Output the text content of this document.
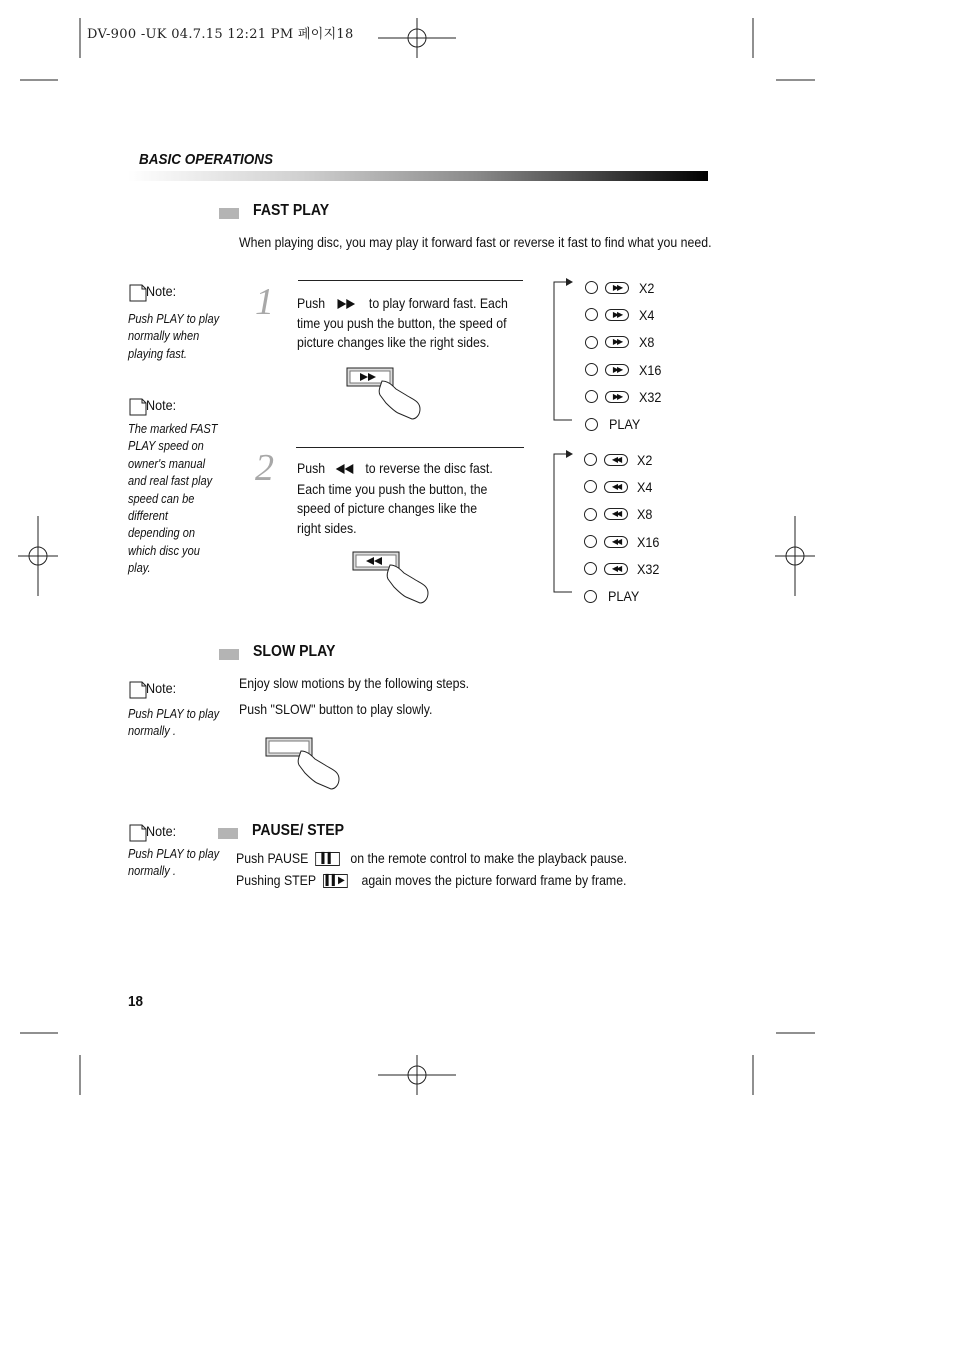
DV-900 -UK 04.7.15 12:21 PM 페이지18
BASIC OPERATIONS
FAST PLAY
When playing disc, you may play it forward fast or reverse it fast to find what you need.
Note:
Push PLAY to play
normally when
playing fast.
Note:
The marked FAST
PLAY speed on
owner's manual
and real fast play
speed can be
different
depending on
which disc you
play.
1 Push	to play forward fast. Each
time you push the button, the speed of
picture changes like the right sides.
2 Push	to reverse the disc fast.
Each time you push the button, the
speed of picture changes like the
right sides.
▶▶	X2
▶▶	X4
▶▶	X8
▶▶	X16
▶▶	X32
PLAY
◀◀	X2
◀◀	X4
◀◀	X8
◀◀	X16
◀◀	X32
PLAY
SLOW PLAY
Note:
Push PLAY to play
normally .
Enjoy slow motions by the following steps.
Push "SLOW" button to play slowly.
Note:
Push PLAY to play
normally .
PAUSE/ STEP
Push PAUSE ▌▌ on the remote control to make the playback pause.
Pushing STEP ▌▌▶ again moves the picture forward frame by frame.
18
